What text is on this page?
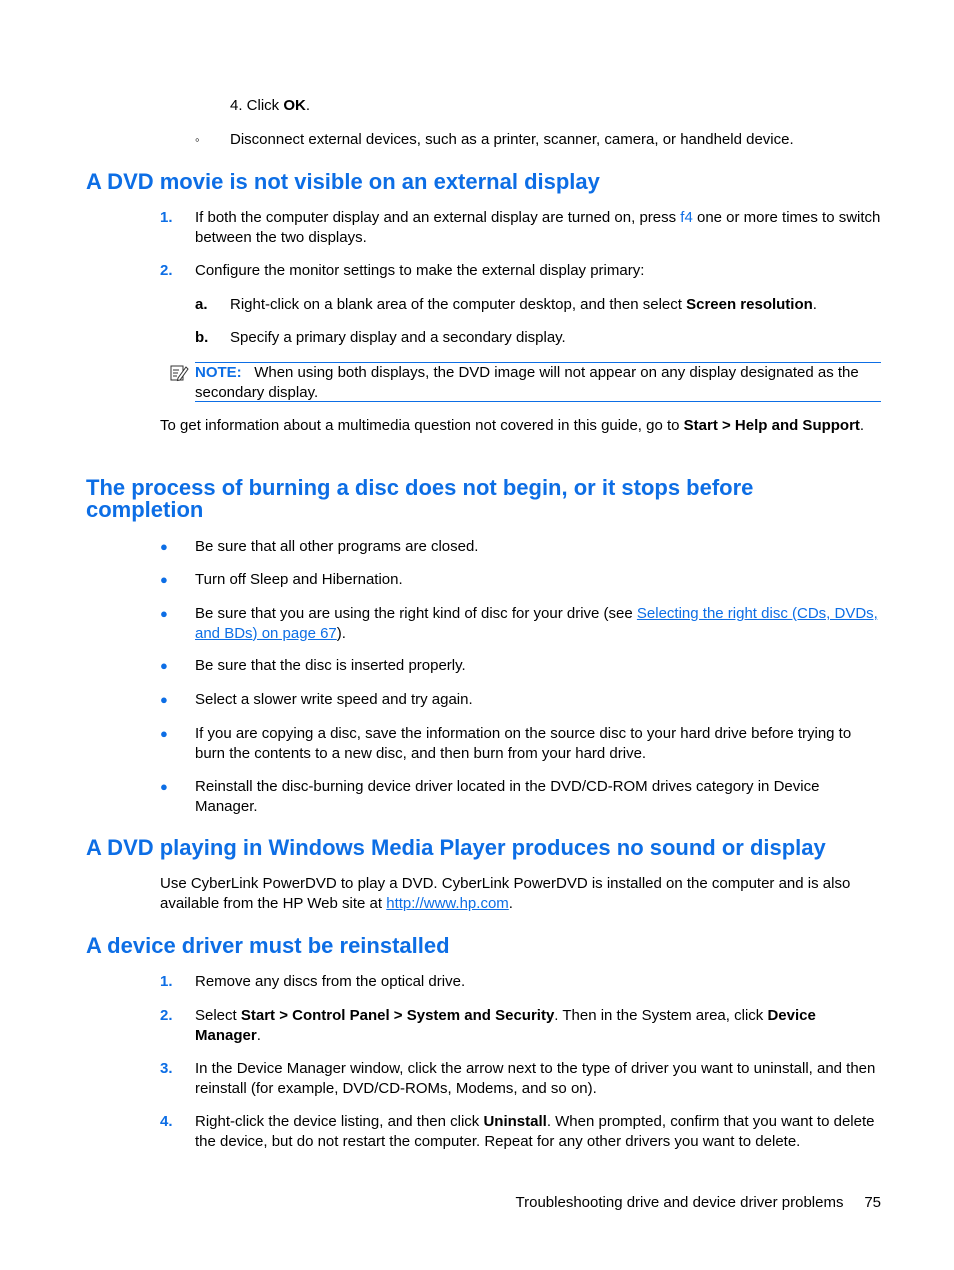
4. Click OK.
◦ Disconnect external devices, such as a printer, scanner, camera, or handheld device.
A DVD movie is not visible on an external display
1. If both the computer display and an external display are turned on, press f4 one or more times to switch between the two displays.
2. Configure the monitor settings to make the external display primary:
a. Right-click on a blank area of the computer desktop, and then select Screen resolution.
b. Specify a primary display and a secondary display.
NOTE: When using both displays, the DVD image will not appear on any display designated as the secondary display.
To get information about a multimedia question not covered in this guide, go to Start > Help and Support.
The process of burning a disc does not begin, or it stops before completion
● Be sure that all other programs are closed.
● Turn off Sleep and Hibernation.
● Be sure that you are using the right kind of disc for your drive (see Selecting the right disc (CDs, DVDs, and BDs) on page 67).
● Be sure that the disc is inserted properly.
● Select a slower write speed and try again.
● If you are copying a disc, save the information on the source disc to your hard drive before trying to burn the contents to a new disc, and then burn from your hard drive.
● Reinstall the disc-burning device driver located in the DVD/CD-ROM drives category in Device Manager.
A DVD playing in Windows Media Player produces no sound or display
Use CyberLink PowerDVD to play a DVD. CyberLink PowerDVD is installed on the computer and is also available from the HP Web site at http://www.hp.com.
A device driver must be reinstalled
1. Remove any discs from the optical drive.
2. Select Start > Control Panel > System and Security. Then in the System area, click Device Manager.
3. In the Device Manager window, click the arrow next to the type of driver you want to uninstall, and then reinstall (for example, DVD/CD-ROMs, Modems, and so on).
4. Right-click the device listing, and then click Uninstall. When prompted, confirm that you want to delete the device, but do not restart the computer. Repeat for any other drivers you want to delete.
Troubleshooting drive and device driver problems 75
